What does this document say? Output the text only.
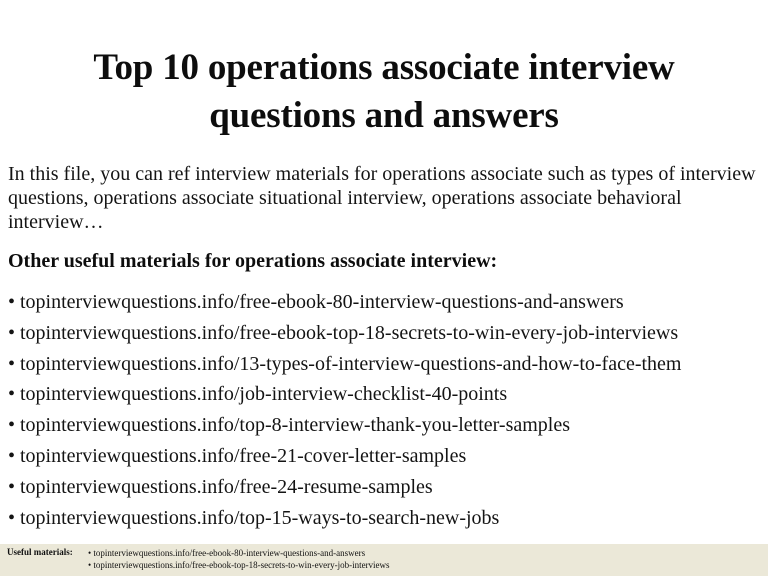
Top 10 operations associate interview
questions and answers
In this file, you can ref interview materials for operations associate such as types of interview questions, operations associate situational interview, operations associate behavioral interview…
Other useful materials for operations associate interview:
• topinterviewquestions.info/free-ebook-80-interview-questions-and-answers
• topinterviewquestions.info/free-ebook-top-18-secrets-to-win-every-job-interviews
• topinterviewquestions.info/13-types-of-interview-questions-and-how-to-face-them
• topinterviewquestions.info/job-interview-checklist-40-points
• topinterviewquestions.info/top-8-interview-thank-you-letter-samples
• topinterviewquestions.info/free-21-cover-letter-samples
• topinterviewquestions.info/free-24-resume-samples
• topinterviewquestions.info/top-15-ways-to-search-new-jobs
Useful materials: • topinterviewquestions.info/free-ebook-80-interview-questions-and-answers
• topinterviewquestions.info/free-ebook-top-18-secrets-to-win-every-job-interviews
